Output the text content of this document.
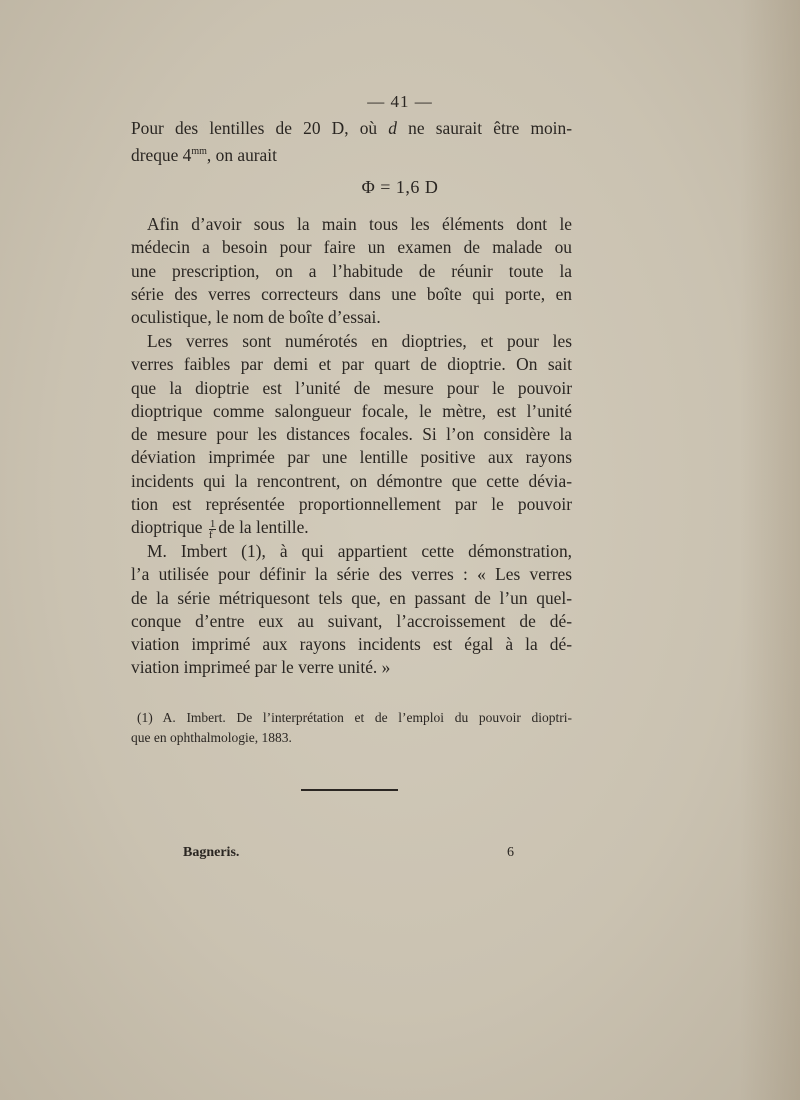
— 41 —
Pour des lentilles de 20 D, où d ne saurait être moin-
dreque $4^{mm}$, on aurait
Φ = 1,6 D
Afin d’avoir sous la main tous les éléments dont le
médecin a besoin pour faire un examen de malade ou
une prescription, on a l’habitude de réunir toute la
série des verres correcteurs dans une boîte qui porte, en
oculistique, le nom de boîte d’essai.
Les verres sont numérotés en dioptries, et pour les
verres faibles par demi et par quart de dioptrie. On sait
que la dioptrie est l’unité de mesure pour le pouvoir
dioptrique comme salongueur focale, le mètre, est l’unité
de mesure pour les distances focales. Si l’on considère la
déviation imprimée par une lentille positive aux rayons
incidents qui la rencontrent, on démontre que cette dévia-
tion est représentée proportionnellement par le pouvoir
dioptrique $\frac{1}{f}$ de la lentille.
M. Imbert (1), à qui appartient cette démonstration,
l’a utilisée pour définir la série des verres : « Les verres
de la série métriquesont tels que, en passant de l’un quel-
conque d’entre eux au suivant, l’accroissement de dé-
viation imprimé aux rayons incidents est égal à la dé-
viation imprimeé par le verre unité. »
(1) A. Imbert. De l’interprétation et de l’emploi du pouvoir dioptri-
que en ophthalmologie, 1883.
Bagneris.	6
